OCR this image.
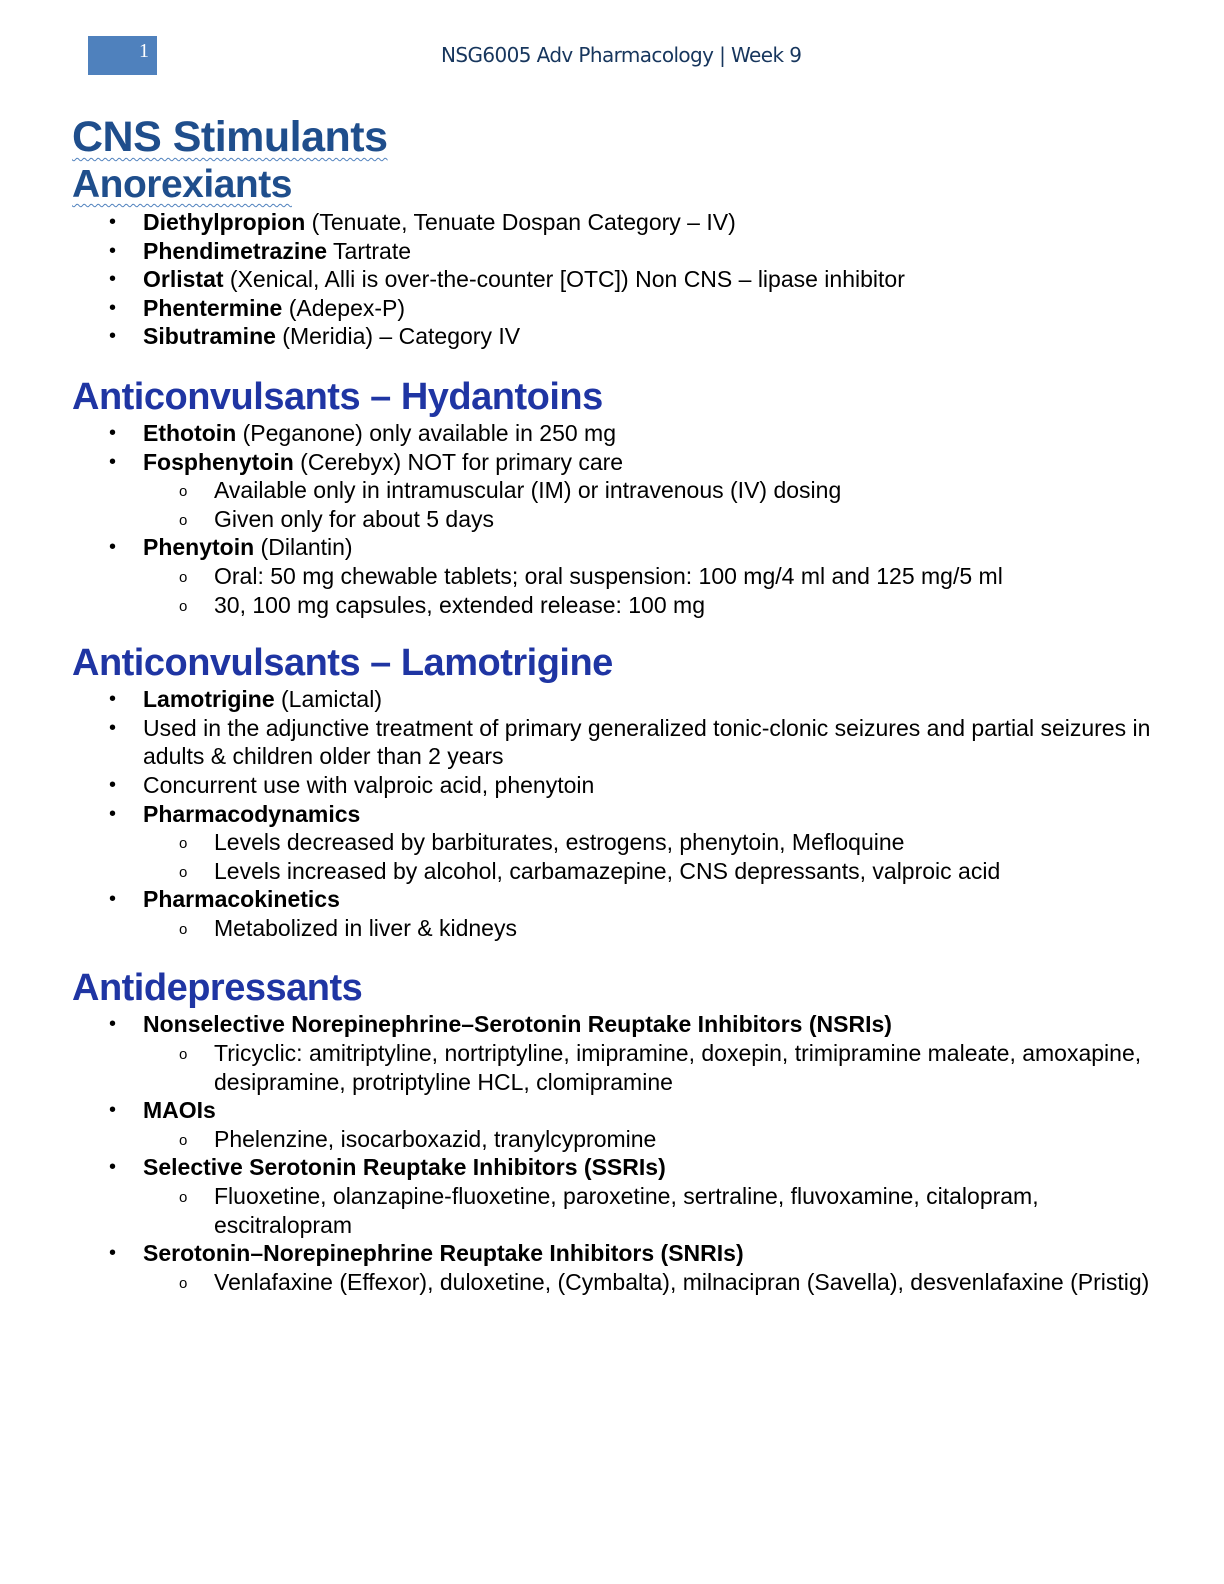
1	NSG6005 Adv Pharmacology | Week 9
CNS Stimulants
Anorexiants
• Diethylpropion (Tenuate, Tenuate Dospan Category – IV)
• Phendimetrazine Tartrate
• Orlistat (Xenical, Alli is over-the-counter [OTC]) Non CNS – lipase inhibitor
• Phentermine (Adepex-P)
• Sibutramine (Meridia) – Category IV
Anticonvulsants – Hydantoins
• Ethotoin (Peganone) only available in 250 mg
• Fosphenytoin (Cerebyx) NOT for primary care
o Available only in intramuscular (IM) or intravenous (IV) dosing
o Given only for about 5 days
• Phenytoin (Dilantin)
o Oral: 50 mg chewable tablets; oral suspension: 100 mg/4 ml and 125 mg/5 ml
o 30, 100 mg capsules, extended release: 100 mg
Anticonvulsants – Lamotrigine
• Lamotrigine (Lamictal)
• Used in the adjunctive treatment of primary generalized tonic-clonic seizures and partial seizures in adults & children older than 2 years
• Concurrent use with valproic acid, phenytoin
• Pharmacodynamics
o Levels decreased by barbiturates, estrogens, phenytoin, Mefloquine
o Levels increased by alcohol, carbamazepine, CNS depressants, valproic acid
• Pharmacokinetics
o Metabolized in liver & kidneys
Antidepressants
• Nonselective Norepinephrine–Serotonin Reuptake Inhibitors (NSRIs)
o Tricyclic: amitriptyline, nortriptyline, imipramine, doxepin, trimipramine maleate, amoxapine, desipramine, protriptyline HCL, clomipramine
• MAOIs
o Phelenzine, isocarboxazid, tranylcypromine
• Selective Serotonin Reuptake Inhibitors (SSRIs)
o Fluoxetine, olanzapine-fluoxetine, paroxetine, sertraline, fluvoxamine, citalopram, escitralopram
• Serotonin–Norepinephrine Reuptake Inhibitors (SNRIs)
o Venlafaxine (Effexor), duloxetine, (Cymbalta), milnacipran (Savella), desvenlafaxine (Pristig)
